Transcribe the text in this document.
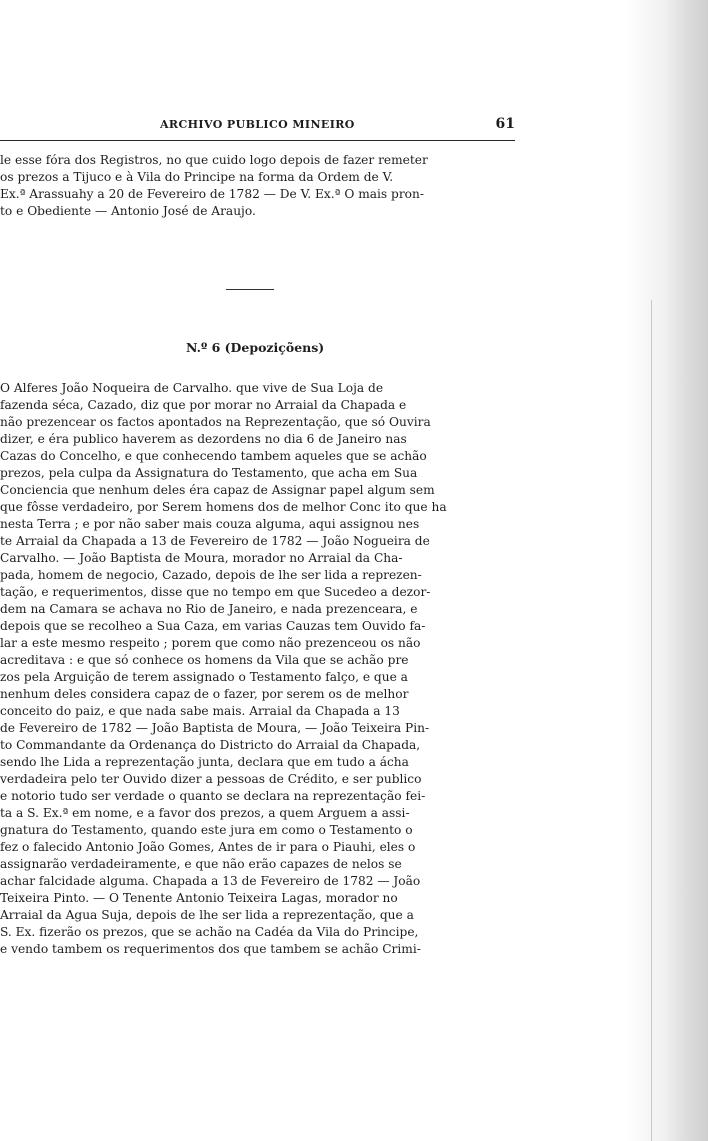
ARCHIVO PUBLICO MINEIRO	61
le esse fóra dos Registros, no que cuido logo depois de fazer remeter
os prezos a Tijuco e à Vila do Principe na forma da Ordem de V.
Ex.ª Arassuahy a 20 de Fevereiro de 1782 — De V. Ex.ª O mais pron-
to e Obediente — Antonio José de Araujo.
N.º 6 (Depoziçõens)
O Alferes João Noqueira de Carvalho. que vive de Sua Loja de
fazenda séca, Cazado, diz que por morar no Arraial da Chapada e
não prezencear os factos apontados na Reprezentação, que só Ouvira
dizer, e éra publico haverem as dezordens no dia 6 de Janeiro nas
Cazas do Concelho, e que conhecendo tambem aqueles que se achão
prezos, pela culpa da Assignatura do Testamento, que acha em Sua
Conciencia que nenhum deles éra capaz de Assignar papel algum sem
que fôsse verdadeiro, por Serem homens dos de melhor Conc ito que ha
nesta Terra ; e por não saber mais couza alguma, aqui assignou nes
te Arraial da Chapada a 13 de Fevereiro de 1782 — João Nogueira de
Carvalho. — João Baptista de Moura, morador no Arraial da Cha-
pada, homem de negocio, Cazado, depois de lhe ser lida a reprezen-
tação, e requerimentos, disse que no tempo em que Sucedeo a dezor-
dem na Camara se achava no Rio de Janeiro, e nada prezenceara, e
depois que se recolheo a Sua Caza, em varias Cauzas tem Ouvido fa-
lar a este mesmo respeito ; porem que como não prezenceou os não
acreditava : e que só conhece os homens da Vila que se achão pre
zos pela Arguição de terem assignado o Testamento falço, e que a
nenhum deles considera capaz de o fazer, por serem os de melhor
conceito do paiz, e que nada sabe mais. Arraial da Chapada a 13
de Fevereiro de 1782 — João Baptista de Moura, — João Teixeira Pin-
to Commandante da Ordenança do Districto do Arraial da Chapada,
sendo lhe Lida a reprezentação junta, declara que em tudo a ácha
verdadeira pelo ter Ouvido dizer a pessoas de Crédito, e ser publico
e notorio tudo ser verdade o quanto se declara na reprezentação fei-
ta a S. Ex.ª em nome, e a favor dos prezos, a quem Arguem a assi-
gnatura do Testamento, quando este jura em como o Testamento o
fez o falecido Antonio João Gomes, Antes de ir para o Piauhi, eles o
assignarão verdadeiramente, e que não erão capazes de nelos se
achar falcidade alguma. Chapada a 13 de Fevereiro de 1782 — João
Teixeira Pinto. — O Tenente Antonio Teixeira Lagas, morador no
Arraial da Agua Suja, depois de lhe ser lida a reprezentação, que a
S. Ex. fizerão os prezos, que se achão na Cadéa da Vila do Principe,
e vendo tambem os requerimentos dos que tambem se achão Crimi-
